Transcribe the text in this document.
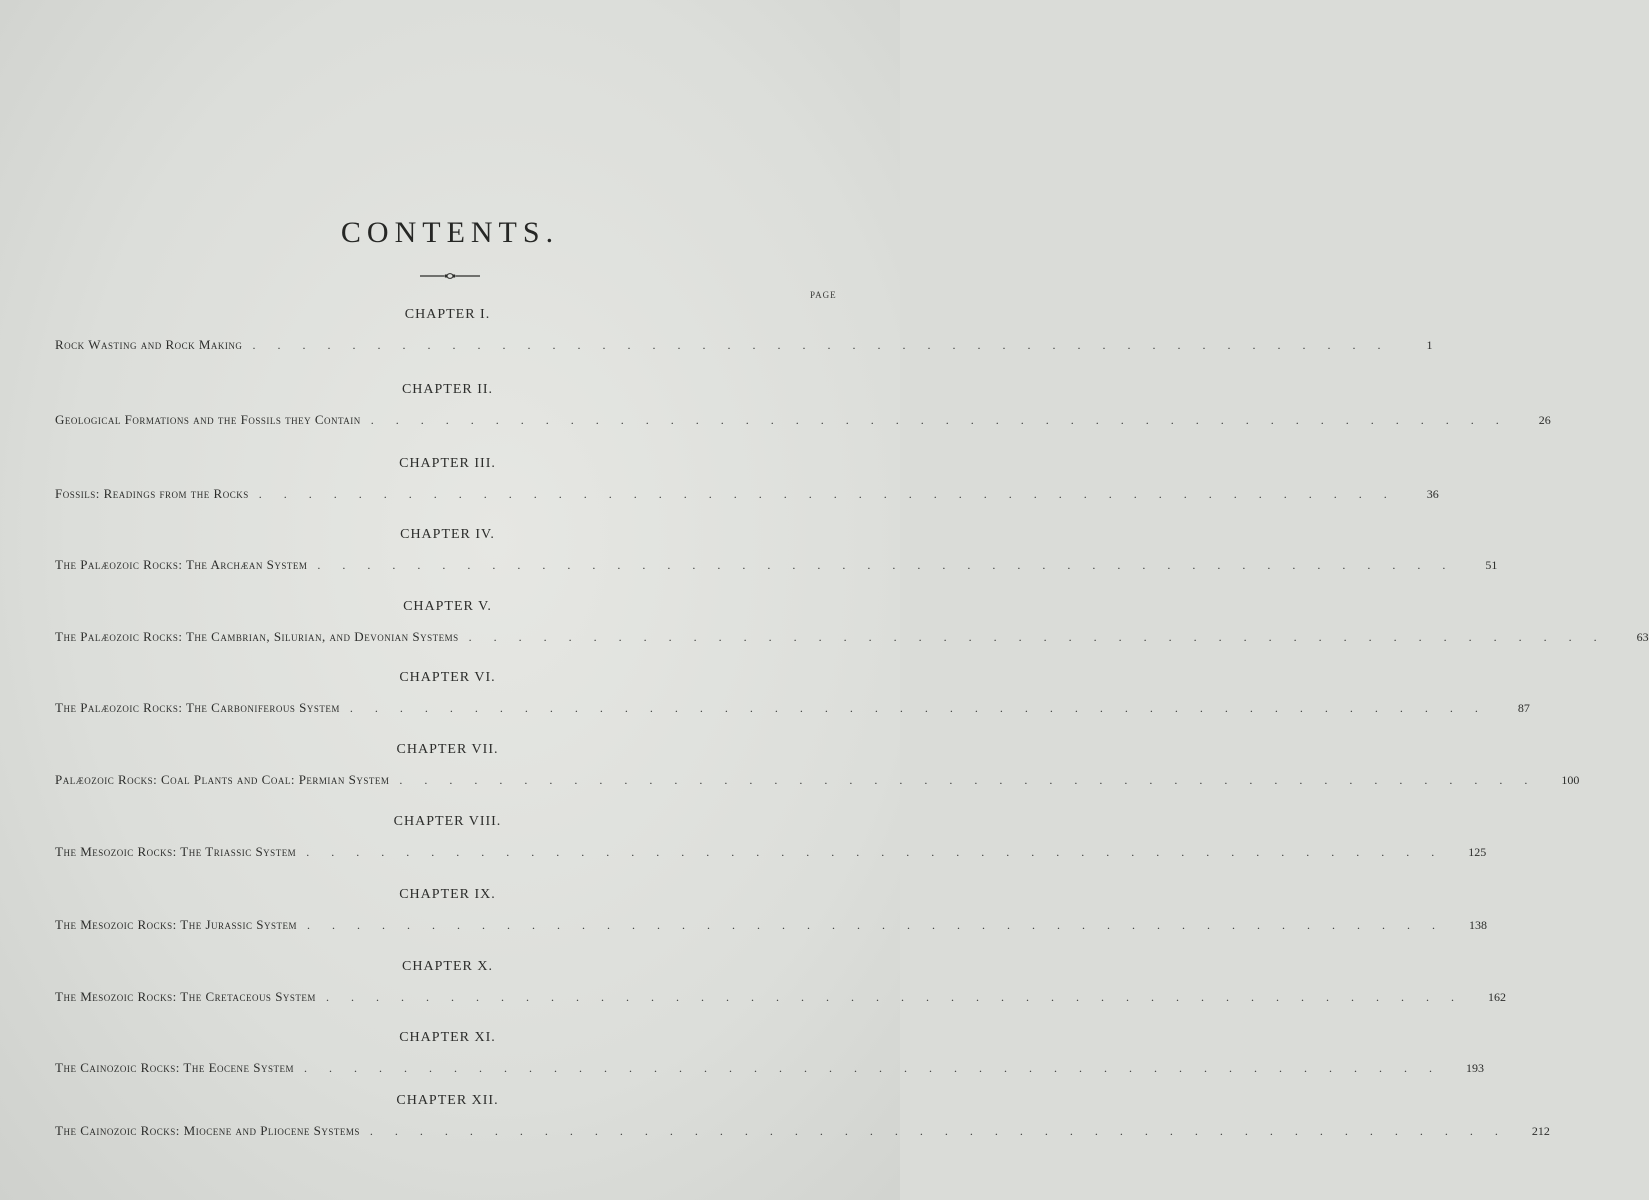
CONTENTS.
PAGE
CHAPTER I.
Rock Wasting and Rock Making ..............................................	1
CHAPTER II.
Geological Formations and the Fossils they Contain ..............................................	26
CHAPTER III.
Fossils: Readings from the Rocks ..............................................	36
CHAPTER IV.
The Palæozoic Rocks: The Archæan System ..............................................	51
CHAPTER V.
The Palæozoic Rocks: The Cambrian, Silurian, and Devonian Systems ..............................................	63
CHAPTER VI.
The Palæozoic Rocks: The Carboniferous System ..............................................	87
CHAPTER VII.
Palæozoic Rocks: Coal Plants and Coal: Permian System ..............................................	100
CHAPTER VIII.
The Mesozoic Rocks: The Triassic System ..............................................	125
CHAPTER IX.
The Mesozoic Rocks: The Jurassic System ..............................................	138
CHAPTER X.
The Mesozoic Rocks: The Cretaceous System ..............................................	162
CHAPTER XI.
The Cainozoic Rocks: The Eocene System ..............................................	193
CHAPTER XII.
The Cainozoic Rocks: Miocene and Pliocene Systems ..............................................	212
